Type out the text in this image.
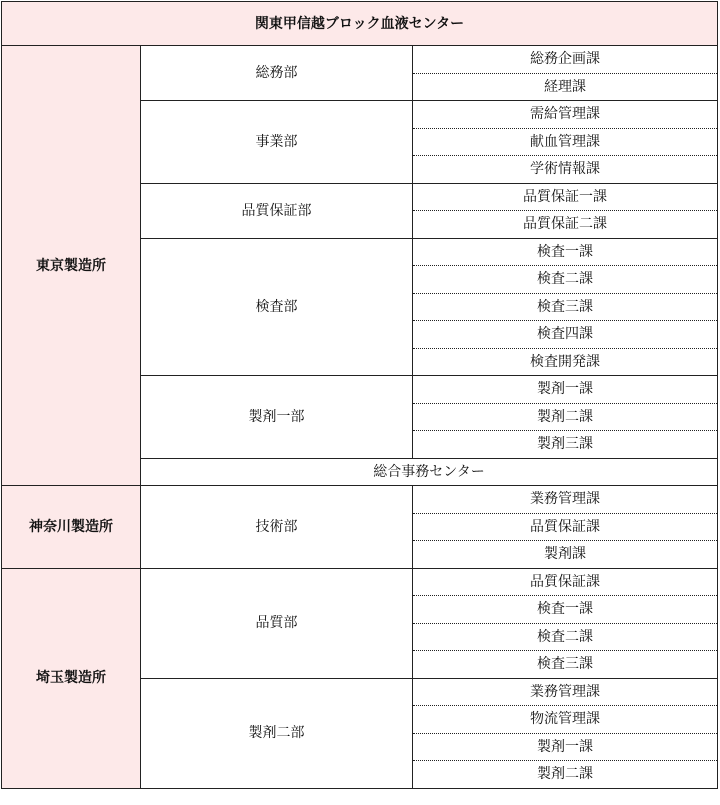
関東甲信越ブロック血液センター		
東京製造所	総務部	総務企画課
		経理課
	事業部	需給管理課
		献血管理課
		学術情報課
	品質保証部	品質保証一課
		品質保証二課
	検査部	検査一課
		検査二課
		検査三課
		検査四課
		検査開発課
	製剤一部	製剤一課
		製剤二課
		製剤三課
	総合事務センター	
神奈川製造所	技術部	業務管理課
		品質保証課
		製剤課
埼玉製造所	品質部	品質保証課
		検査一課
		検査二課
		検査三課
	製剤二部	業務管理課
		物流管理課
		製剤一課
		製剤二課
